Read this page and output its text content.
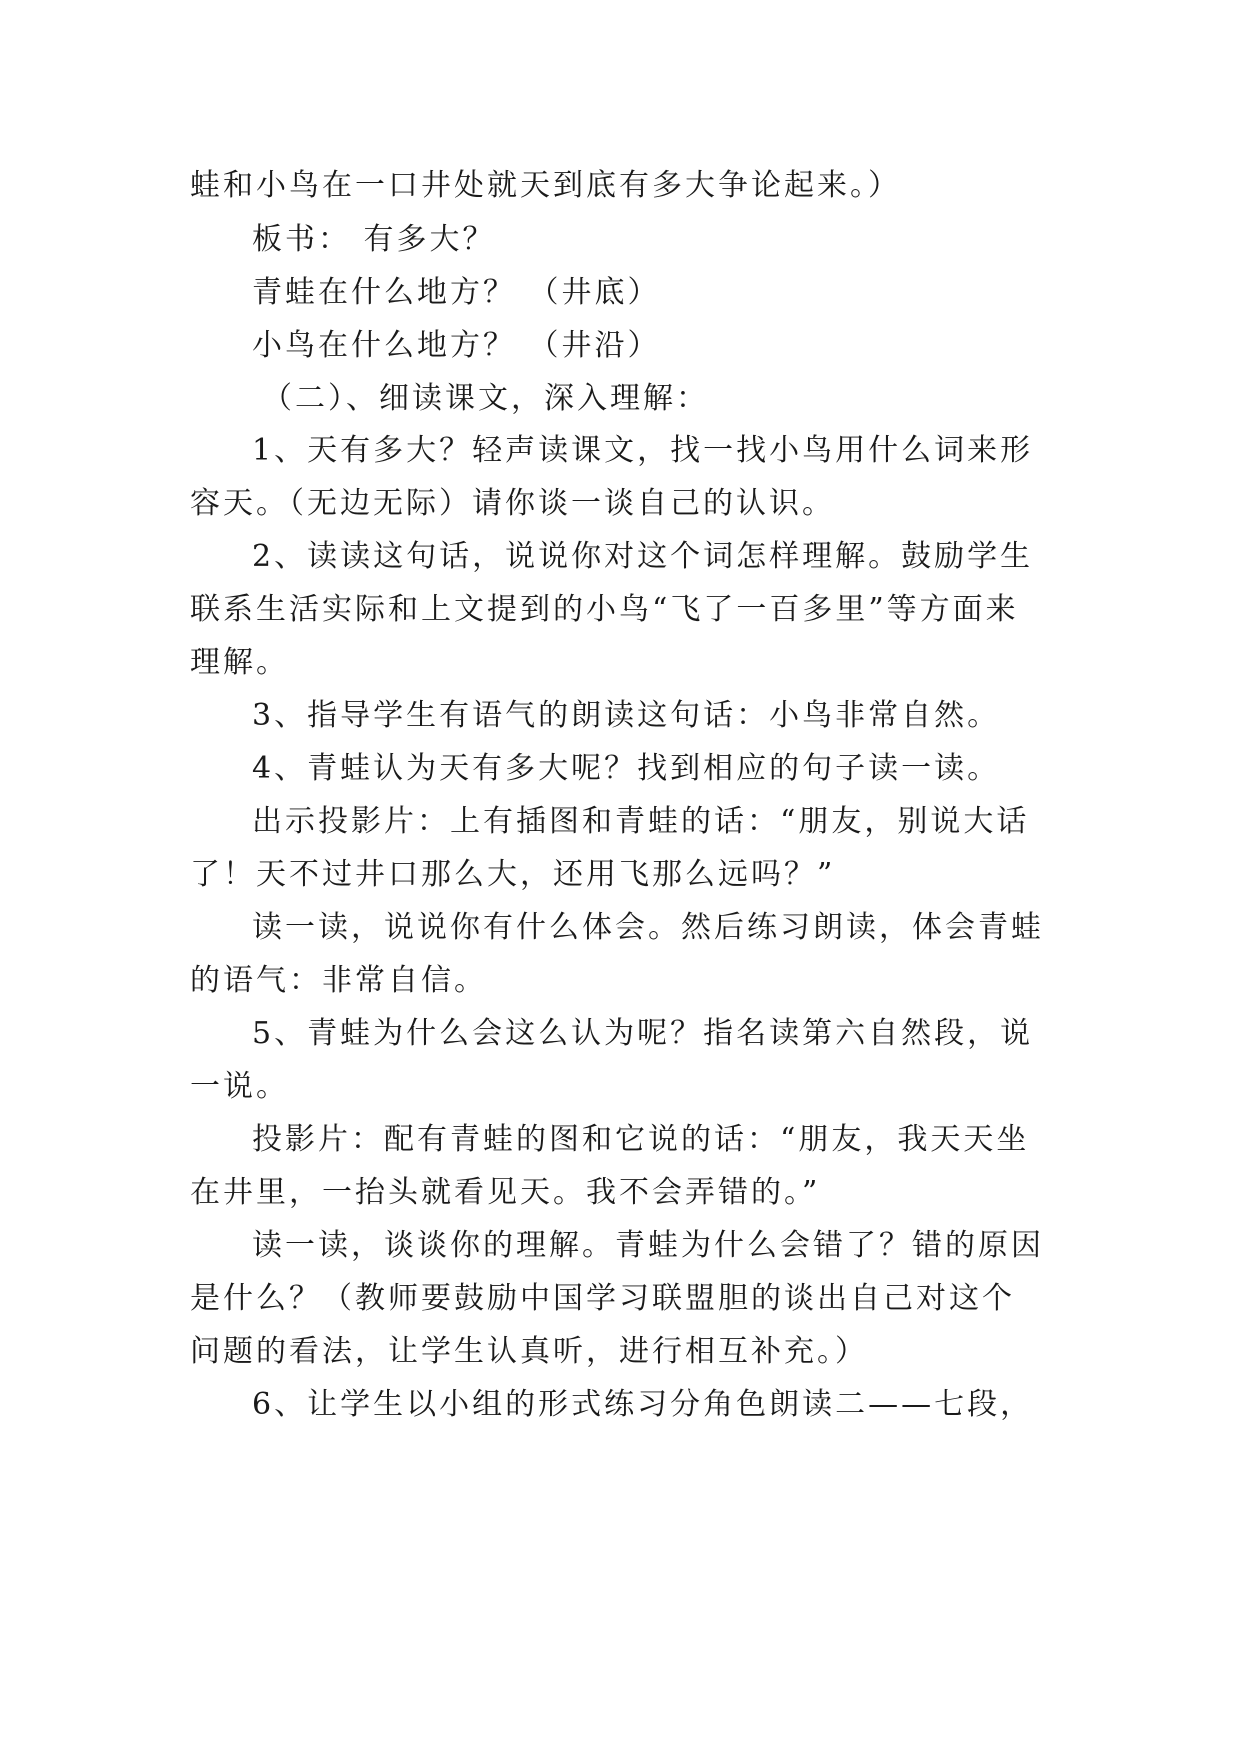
蛙和小鸟在一口井处就天到底有多大争论起来。）

板书： 有多大？

青蛙在什么地方？ （井底）

小鸟在什么地方？ （井沿）

（二）、细读课文，深入理解：

1、天有多大？轻声读课文，找一找小鸟用什么词来形

容天。（无边无际）请你谈一谈自己的认识。

2、读读这句话，说说你对这个词怎样理解。鼓励学生

联系生活实际和上文提到的小鸟“飞了一百多里”等方面来

理解。

3、指导学生有语气的朗读这句话：小鸟非常自然。

4、青蛙认为天有多大呢？找到相应的句子读一读。

出示投影片：上有插图和青蛙的话：“朋友，别说大话

了！天不过井口那么大，还用飞那么远吗？”

读一读，说说你有什么体会。然后练习朗读，体会青蛙

的语气：非常自信。

5、青蛙为什么会这么认为呢？指名读第六自然段，说

一说。

投影片：配有青蛙的图和它说的话：“朋友，我天天坐

在井里，一抬头就看见天。我不会弄错的。”

读一读，谈谈你的理解。青蛙为什么会错了？错的原因

是什么？（教师要鼓励中国学习联盟胆的谈出自己对这个

问题的看法，让学生认真听，进行相互补充。）

6、让学生以小组的形式练习分角色朗读二——七段，
